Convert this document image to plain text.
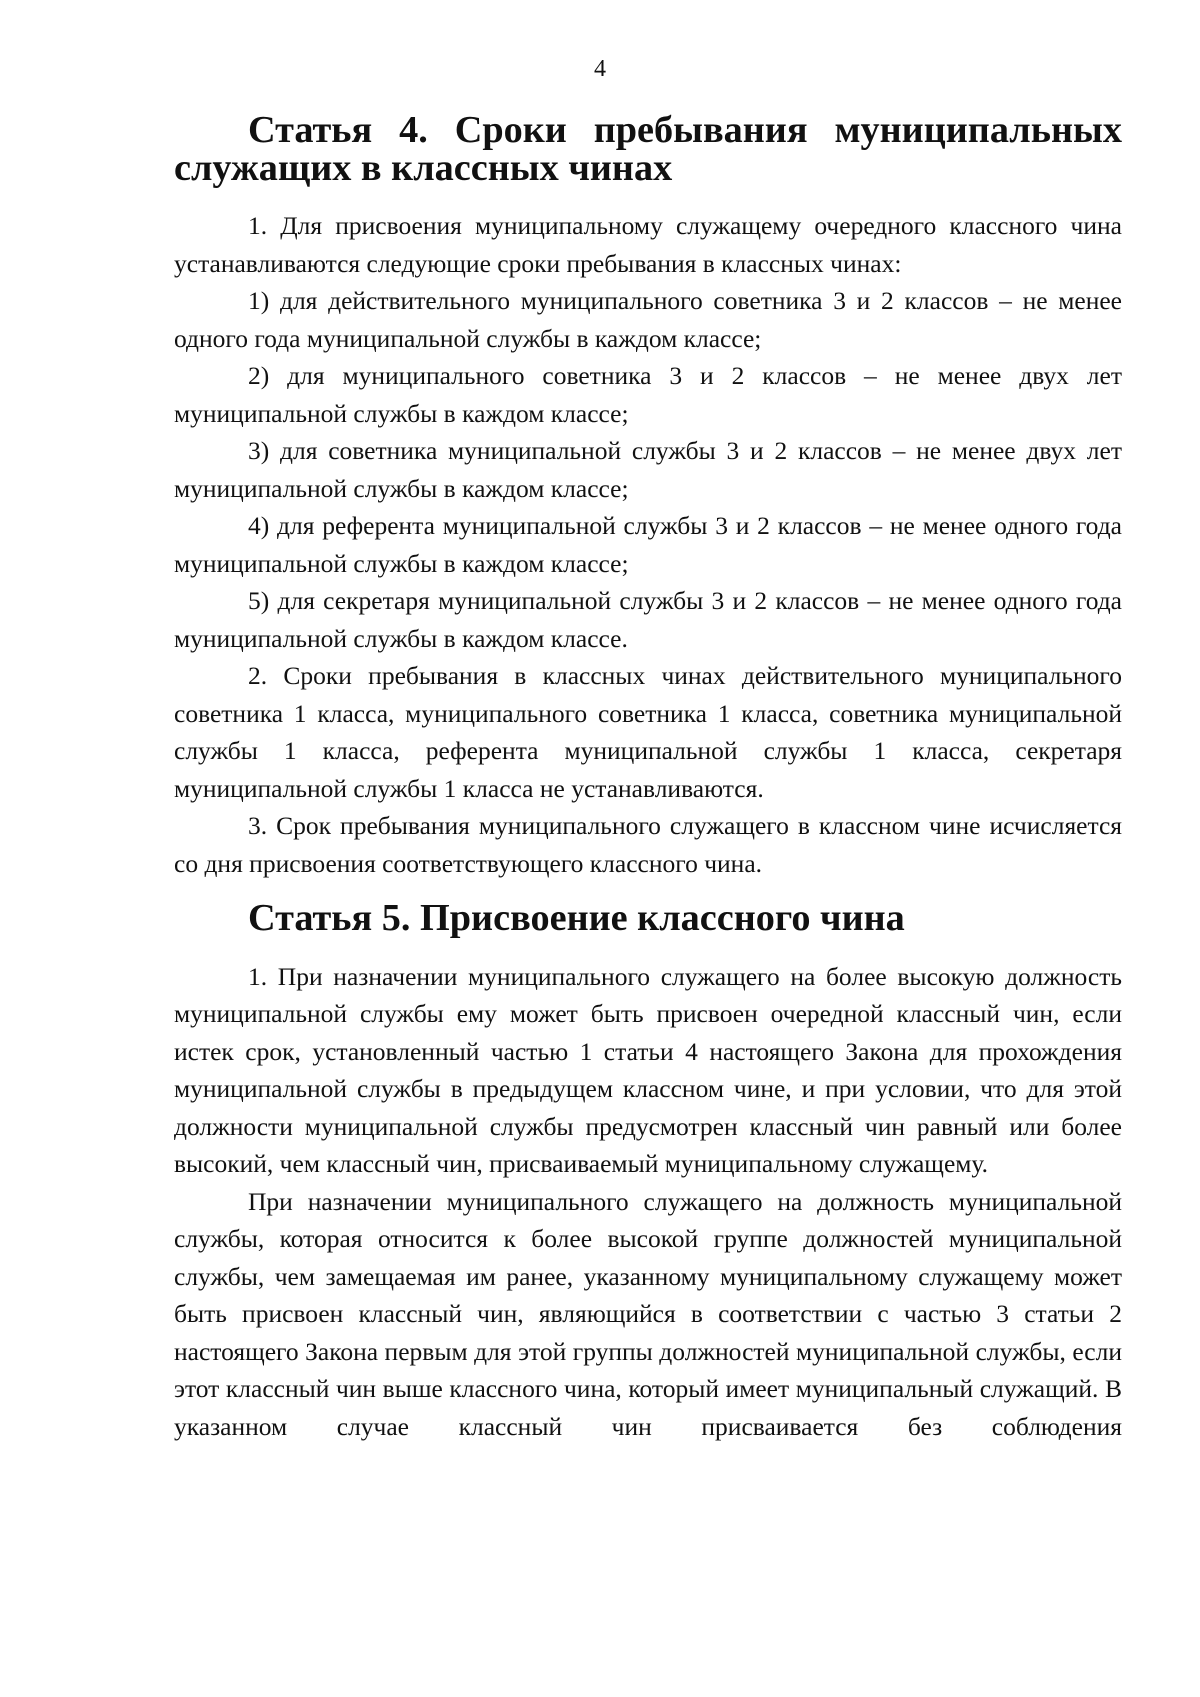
4
Статья 4. Сроки пребывания муниципальных служащих в классных чинах

1. Для присвоения муниципальному служащему очередного классного чина устанавливаются следующие сроки пребывания в классных чинах:

1) для действительного муниципального советника 3 и 2 классов – не менее одного года муниципальной службы в каждом классе;

2) для муниципального советника 3 и 2 классов – не менее двух лет муниципальной службы в каждом классе;

3) для советника муниципальной службы 3 и 2 классов – не менее двух лет муниципальной службы в каждом классе;

4) для референта муниципальной службы 3 и 2 классов – не менее одного года муниципальной службы в каждом классе;

5) для секретаря муниципальной службы 3 и 2 классов – не менее одного года муниципальной службы в каждом классе.

2. Сроки пребывания в классных чинах действительного муниципального советника 1 класса, муниципального советника 1 класса, советника муниципальной службы 1 класса, референта муниципальной службы 1 класса, секретаря муниципальной службы 1 класса не устанавливаются.

3. Срок пребывания муниципального служащего в классном чине исчисляется со дня присвоения соответствующего классного чина.

Статья 5. Присвоение классного чина

1. При назначении муниципального служащего на более высокую должность муниципальной службы ему может быть присвоен очередной классный чин, если истек срок, установленный частью 1 статьи 4 настоящего Закона для прохождения муниципальной службы в предыдущем классном чине, и при условии, что для этой должности муниципальной службы предусмотрен классный чин равный или более высокий, чем классный чин, присваиваемый муниципальному служащему.

При назначении муниципального служащего на должность муниципальной службы, которая относится к более высокой группе должностей муниципальной службы, чем замещаемая им ранее, указанному муниципальному служащему может быть присвоен классный чин, являющийся в соответствии с частью 3 статьи 2 настоящего Закона первым для этой группы должностей муниципальной службы, если этот классный чин выше классного чина, который имеет муниципальный служащий. В указанном случае классный чин присваивается без соблюдения
